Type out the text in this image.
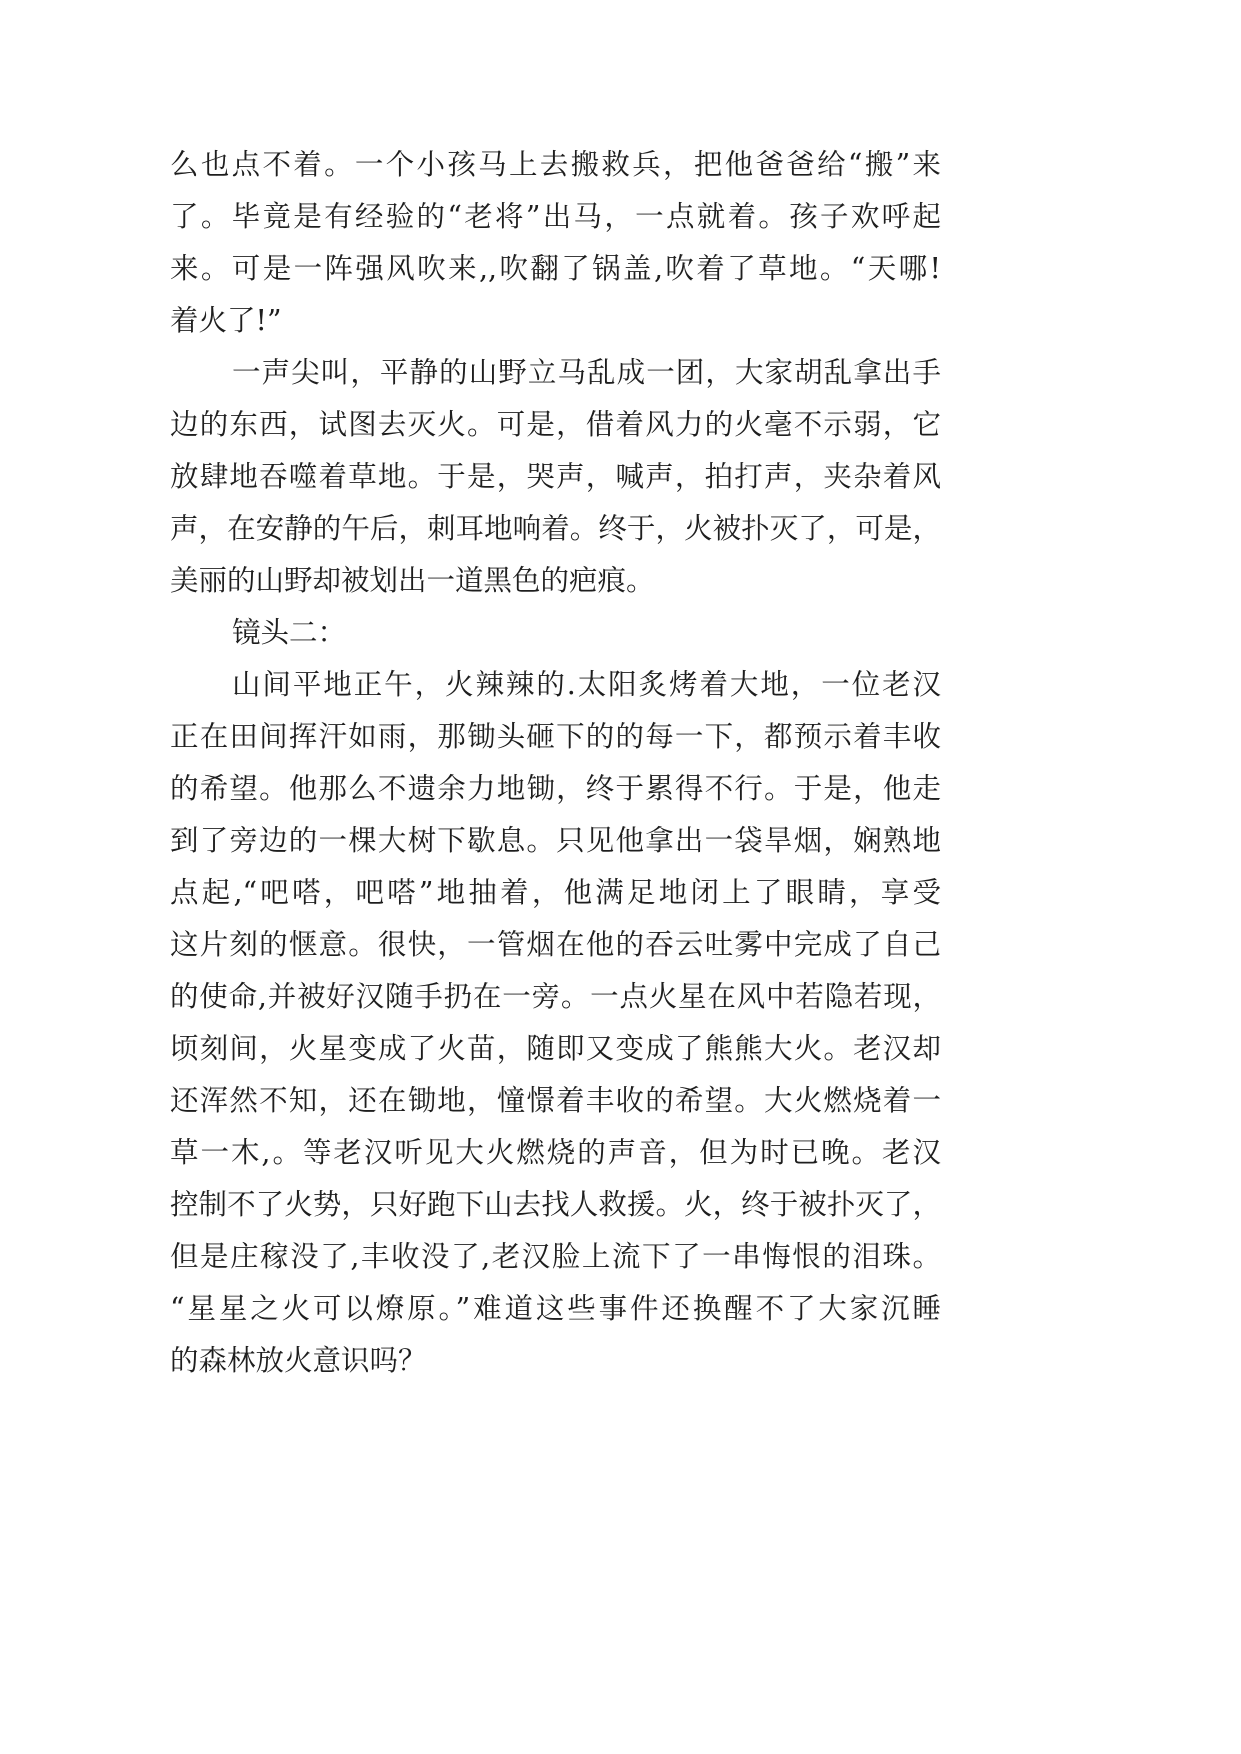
么也点不着。一个小孩马上去搬救兵，把他爸爸给“搬”来
了。毕竟是有经验的“老将”出马，一点就着。孩子欢呼起
来。可是一阵强风吹来,,吹翻了锅盖,吹着了草地。“天哪!
着火了!”
一声尖叫，平静的山野立马乱成一团，大家胡乱拿出手
边的东西，试图去灭火。可是，借着风力的火毫不示弱，它
放肆地吞噬着草地。于是，哭声，喊声，拍打声，夹杂着风
声，在安静的午后，刺耳地响着。终于，火被扑灭了，可是，
美丽的山野却被划出一道黑色的疤痕。
镜头二：
山间平地正午，火辣辣的.太阳炙烤着大地，一位老汉
正在田间挥汗如雨，那锄头砸下的的每一下，都预示着丰收
的希望。他那么不遗余力地锄，终于累得不行。于是，他走
到了旁边的一棵大树下歇息。只见他拿出一袋旱烟，娴熟地
点起,“吧嗒，吧嗒”地抽着，他满足地闭上了眼睛，享受
这片刻的惬意。很快，一管烟在他的吞云吐雾中完成了自己
的使命,并被好汉随手扔在一旁。一点火星在风中若隐若现，
顷刻间，火星变成了火苗，随即又变成了熊熊大火。老汉却
还浑然不知，还在锄地，憧憬着丰收的希望。大火燃烧着一
草一木,。等老汉听见大火燃烧的声音，但为时已晚。老汉
控制不了火势，只好跑下山去找人救援。火，终于被扑灭了，
但是庄稼没了,丰收没了,老汉脸上流下了一串悔恨的泪珠。
“星星之火可以燎原。”难道这些事件还换醒不了大家沉睡
的森林放火意识吗？
